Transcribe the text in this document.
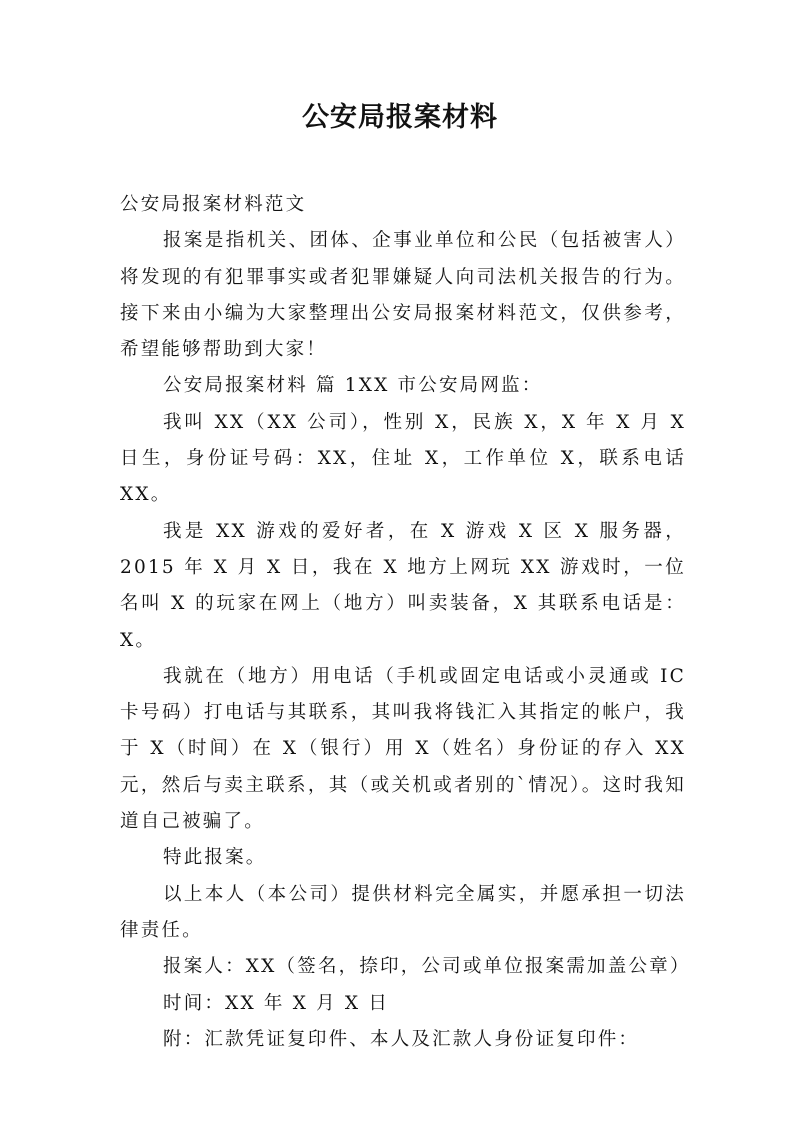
公安局报案材料

公安局报案材料范文

报案是指机关、团体、企事业单位和公民（包括被害人）将发现的有犯罪事实或者犯罪嫌疑人向司法机关报告的行为。接下来由小编为大家整理出公安局报案材料范文，仅供参考，希望能够帮助到大家！

公安局报案材料 篇 1XX 市公安局网监：

我叫 XX（XX 公司），性别 X，民族 X，X 年 X 月 X 日生，身份证号码：XX，住址 X，工作单位 X，联系电话 XX。

我是 XX 游戏的爱好者，在 X 游戏 X 区 X 服务器，2015 年 X 月 X 日，我在 X 地方上网玩 XX 游戏时，一位名叫 X 的玩家在网上（地方）叫卖装备，X 其联系电话是：X。

我就在（地方）用电话（手机或固定电话或小灵通或 IC 卡号码）打电话与其联系，其叫我将钱汇入其指定的帐户，我于 X（时间）在 X（银行）用 X（姓名）身份证的存入 XX 元，然后与卖主联系，其（或关机或者别的`情况）。这时我知道自己被骗了。

特此报案。

以上本人（本公司）提供材料完全属实，并愿承担一切法律责任。

报案人：XX（签名，捺印，公司或单位报案需加盖公章）

时间：XX 年 X 月 X 日

附：汇款凭证复印件、本人及汇款人身份证复印件：
